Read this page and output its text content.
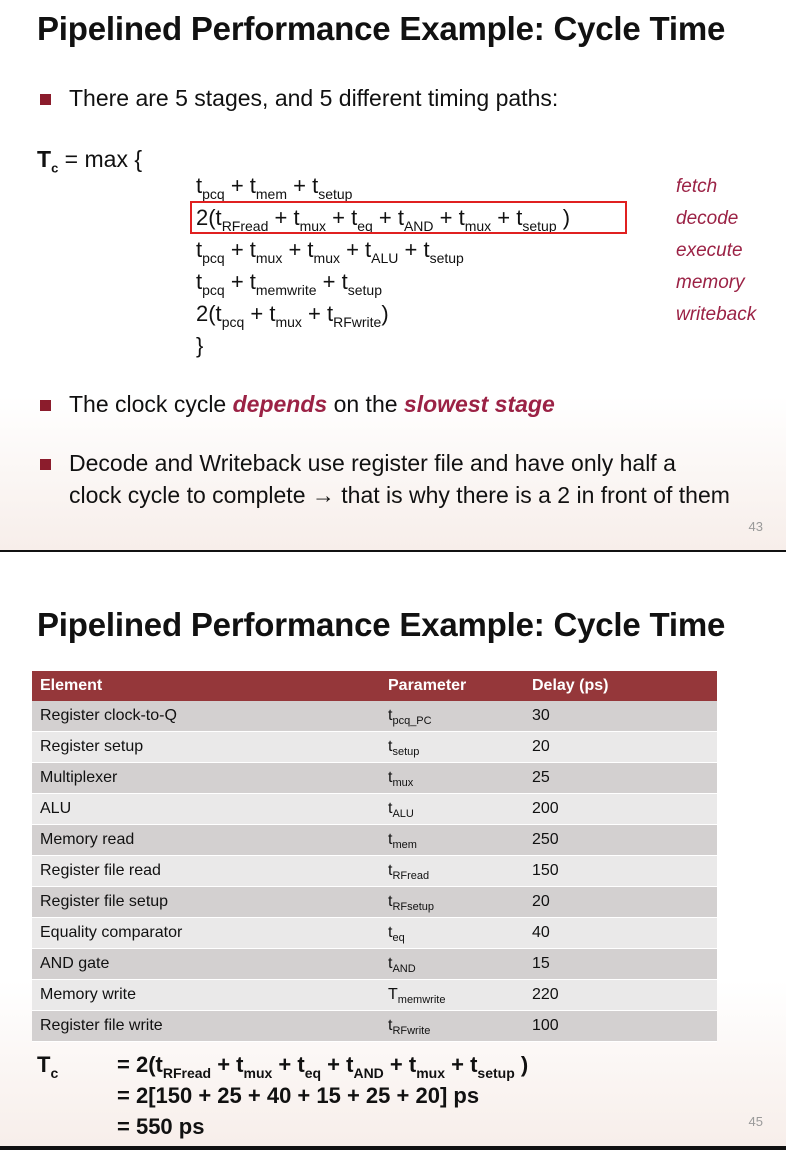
Pipelined Performance Example: Cycle Time
There are 5 stages, and 5 different timing paths:
$T_c = \max$ {
$t_{pcq} + t_{mem} + t_{setup}$
$2(t_{RFread} + t_{mux} + t_{eq} + t_{AND} + t_{mux} + t_{setup}$ )
$t_{pcq} + t_{mux} + t_{mux} + t_{ALU} + t_{setup}$
$t_{pcq} + t_{memwrite} + t_{setup}$
$2(t_{pcq} + t_{mux} + t_{RFwrite})$
}
fetch
decode
execute
memory
writeback
The clock cycle depends on the slowest stage
Decode and Writeback use register file and have only half a
clock cycle to complete → that is why there is a 2 in front of them
43
Pipelined Performance Example: Cycle Time
Element	Parameter	Delay (ps)
Register clock-to-Q	$t_{pcq\_PC}$	30
Register setup	$t_{setup}$	20
Multiplexer	$t_{mux}$	25
ALU	$t_{ALU}$	200
Memory read	$t_{mem}$	250
Register file read	$t_{RFread}$	150
Register file setup	$t_{RFsetup}$	20
Equality comparator	$t_{eq}$	40
AND gate	$t_{AND}$	15
Memory write	$T_{memwrite}$	220
Register file write	$t_{RFwrite}$	100
$T_c$	= $2(t_{RFread} + t_{mux} + t_{eq} + t_{AND} + t_{mux} + t_{setup}$ )
= 2[150 + 25 + 40 + 15 + 25 + 20] ps
= 550 ps	45
